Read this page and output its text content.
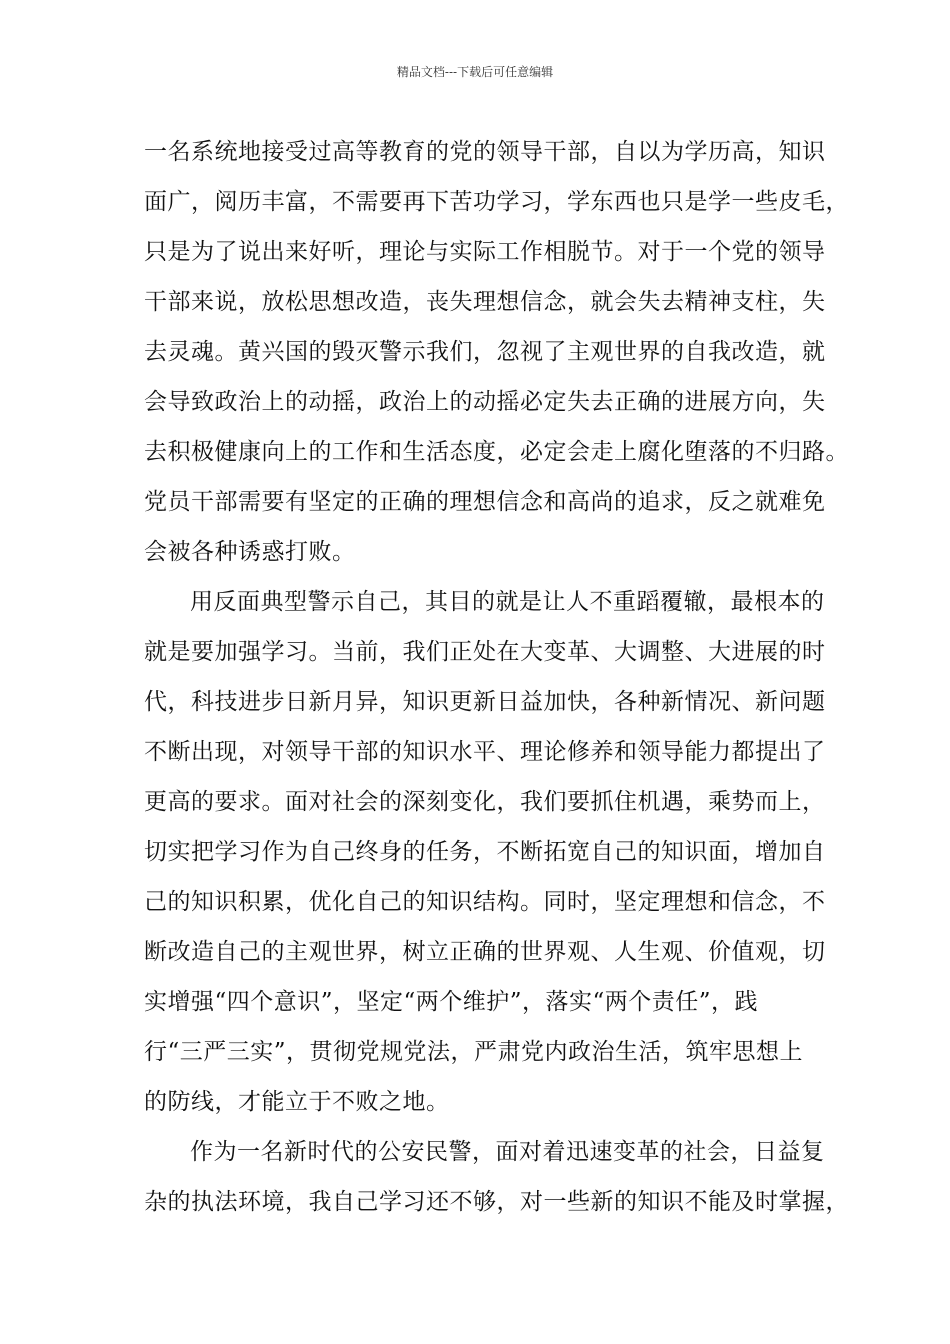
精品文档---下载后可任意编辑
一名系统地接受过高等教育的党的领导干部，自以为学历高，知识
面广，阅历丰富，不需要再下苦功学习，学东西也只是学一些皮毛，
只是为了说出来好听，理论与实际工作相脱节。对于一个党的领导
干部来说，放松思想改造，丧失理想信念，就会失去精神支柱，失
去灵魂。黄兴国的毁灭警示我们，忽视了主观世界的自我改造，就
会导致政治上的动摇，政治上的动摇必定失去正确的进展方向，失
去积极健康向上的工作和生活态度，必定会走上腐化堕落的不归路。
党员干部需要有坚定的正确的理想信念和高尚的追求，反之就难免
会被各种诱惑打败。
用反面典型警示自己，其目的就是让人不重蹈覆辙，最根本的
就是要加强学习。当前，我们正处在大变革、大调整、大进展的时
代，科技进步日新月异，知识更新日益加快，各种新情况、新问题
不断出现，对领导干部的知识水平、理论修养和领导能力都提出了
更高的要求。面对社会的深刻变化，我们要抓住机遇，乘势而上，
切实把学习作为自己终身的任务，不断拓宽自己的知识面，增加自
己的知识积累，优化自己的知识结构。同时，坚定理想和信念，不
断改造自己的主观世界，树立正确的世界观、人生观、价值观，切
实增强“四个意识”，坚定“两个维护”，落实“两个责任”，践
行“三严三实”，贯彻党规党法，严肃党内政治生活，筑牢思想上
的防线，才能立于不败之地。
作为一名新时代的公安民警，面对着迅速变革的社会，日益复
杂的执法环境，我自己学习还不够，对一些新的知识不能及时掌握，
